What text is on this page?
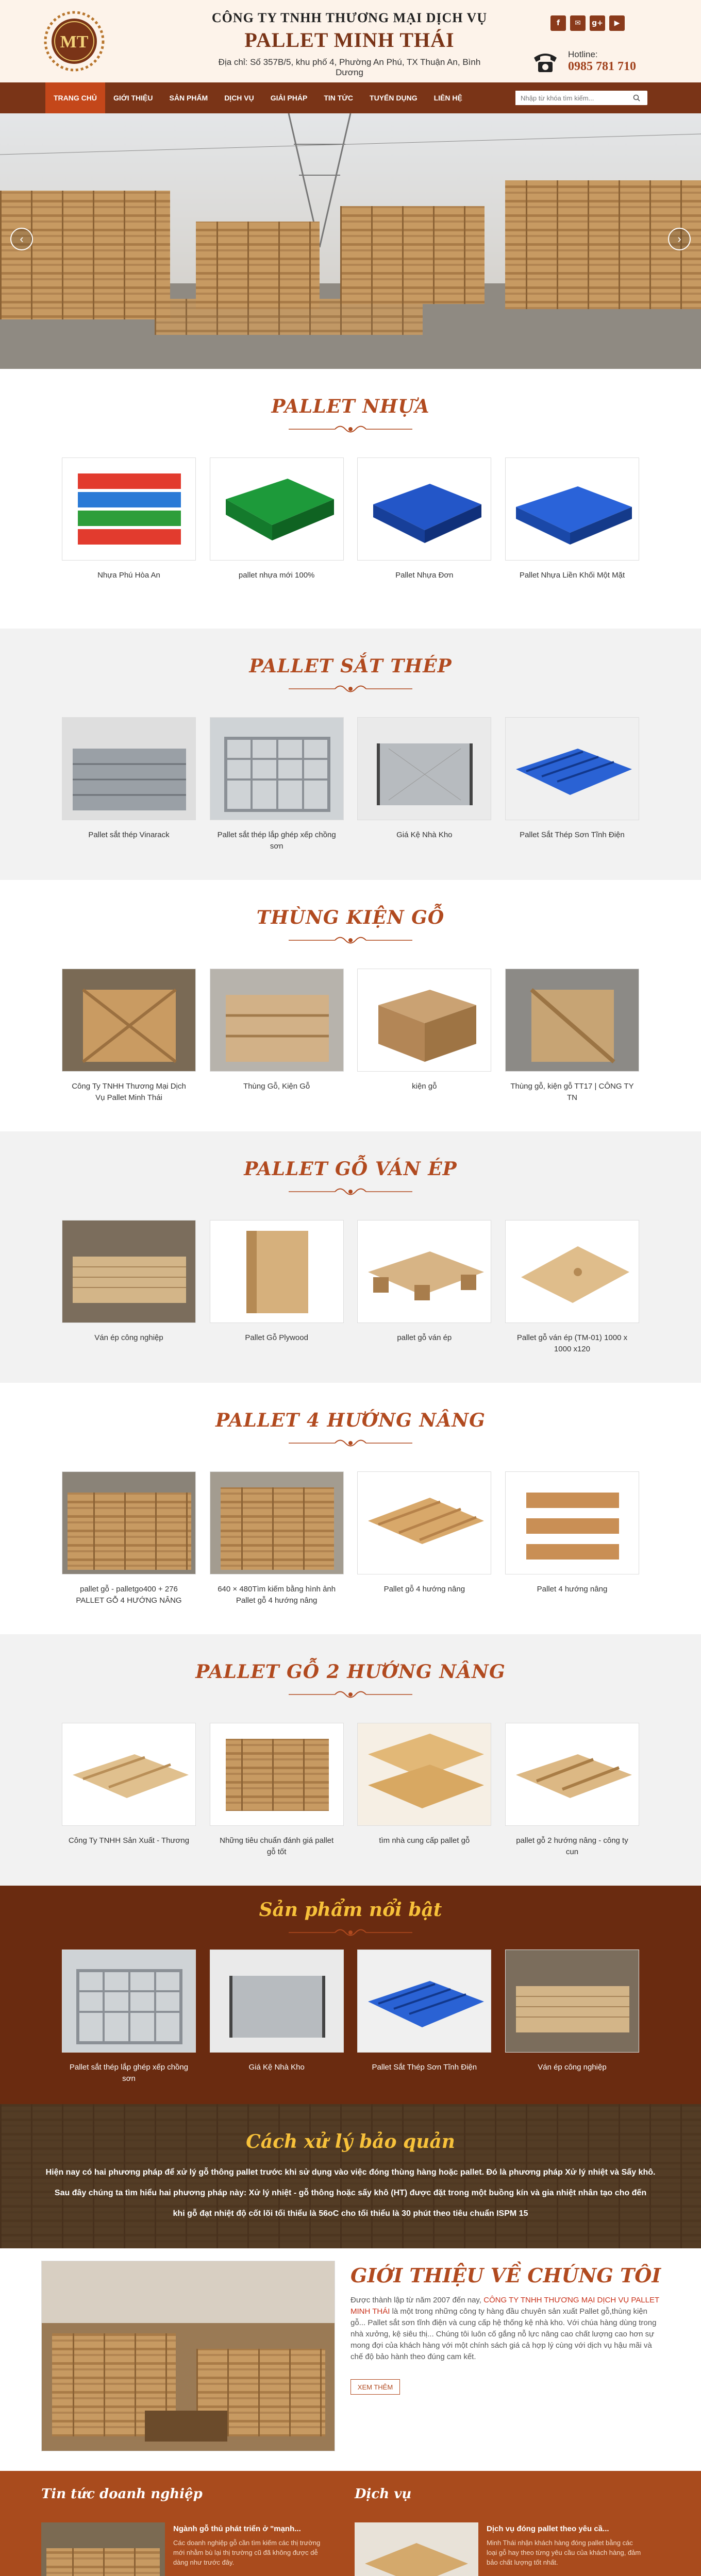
MT
CÔNG TY TNHH THƯƠNG MẠI DỊCH VỤ
PALLET MINH THÁI
Địa chỉ: Số 357B/5, khu phố 4, Phường An Phú, TX Thuận An, Bình Dương
f	✉	g+	▶
Hotline:
0985 781 710
TRANG CHỦ	GIỚI THIỆU	SẢN PHẨM	DỊCH VỤ	GIẢI PHÁP	TIN TỨC	TUYỂN DỤNG	LIÊN HỆ
Nhập từ khóa tìm kiếm...
‹	›
PALLET NHỰA
Nhựa Phú Hòa An	pallet nhựa mới 100%	Pallet Nhựa Đơn	Pallet Nhựa Liền Khối Một Mặt
PALLET SẮT THÉP
Pallet sắt thép Vinarack	Pallet sắt thép lắp ghép xếp chồng sơn
Giá Kệ Nhà Kho	Pallet Sắt Thép Sơn Tĩnh Điện
THÙNG KIỆN GỖ
Công Ty TNHH Thương Mại Dịch Vụ Pallet Minh Thái
Thùng Gỗ, Kiện Gỗ	kiện gỗ	Thùng gỗ, kiện gỗ TT17 | CÔNG TY TN
PALLET GỖ VÁN ÉP
Ván ép công nghiệp	Pallet Gỗ Plywood	pallet gỗ ván ép	Pallet gỗ ván ép (TM-01) 1000 x 1000 x120
PALLET 4 HƯỚNG NÂNG
pallet gỗ - palletgo400 + 276 PALLET GỖ 4 HƯỚNG NÂNG
640 × 480Tìm kiếm bằng hình ảnh Pallet gỗ 4 hướng nâng
Pallet gỗ 4 hướng nâng	Pallet 4 hướng nâng
PALLET GỖ 2 HƯỚNG NÂNG
Công Ty TNHH Sản Xuất - Thương	Những tiêu chuẩn đánh giá pallet gỗ tốt
tìm nhà cung cấp pallet gỗ	pallet gỗ 2 hướng nâng - công ty cun
Sản phẩm nổi bật
Pallet sắt thép lắp ghép xếp chồng sơn
Giá Kệ Nhà Kho	Pallet Sắt Thép Sơn Tĩnh Điện	Ván ép công nghiệp
Cách xử lý bảo quản

Hiện nay có hai phương pháp để xử lý gỗ thông pallet trước khi sử dụng vào việc đóng thùng hàng hoặc pallet. Đó là phương pháp Xử lý nhiệt và Sấy khô.

Sau đây chúng ta tìm hiểu hai phương pháp này: Xử lý nhiệt - gỗ thông hoặc sấy khô (HT) được đặt trong một buồng kín và gia nhiệt nhân tạo cho đến

khi gỗ đạt nhiệt độ cốt lõi tối thiểu là 56oC cho tối thiểu là 30 phút theo tiêu chuẩn ISPM 15

GIỚI THIỆU VỀ CHÚNG TÔI
Được thành lập từ năm 2007 đến nay, CÔNG TY TNHH THƯƠNG MẠI DỊCH VỤ PALLET MINH THÁI là một trong những công ty hàng đầu chuyên sản xuất Pallet gỗ,thùng kiện gỗ... Pallet sắt sơn tĩnh điện và cung cấp hệ thống kệ nhà kho. Với chúa hàng dùng trong nhà xưởng, kệ siêu thị... Chúng tôi luôn cố gắng nỗ lực nâng cao chất lượng cao hơn sự mong đợi của khách hàng với một chính sách giá cả hợp lý cùng với dịch vụ hậu mãi và chế độ bảo hành theo đúng cam kết.
XEM THÊM
Tin tức doanh nghiệp
Ngành gỗ thủ phát triển ở "mạnh...
Các doanh nghiệp gỗ cần tìm kiếm các thị trường mới nhằm bù lại thị trường cũ đã không được dễ dàng như trước đây.
Dịch vụ
Dịch vụ đóng pallet theo yêu cầ...
Minh Thái nhận khách hàng đóng pallet bằng các loại gỗ hay theo từng yêu cầu của khách hàng, đảm bảo chất lượng tốt nhất.
